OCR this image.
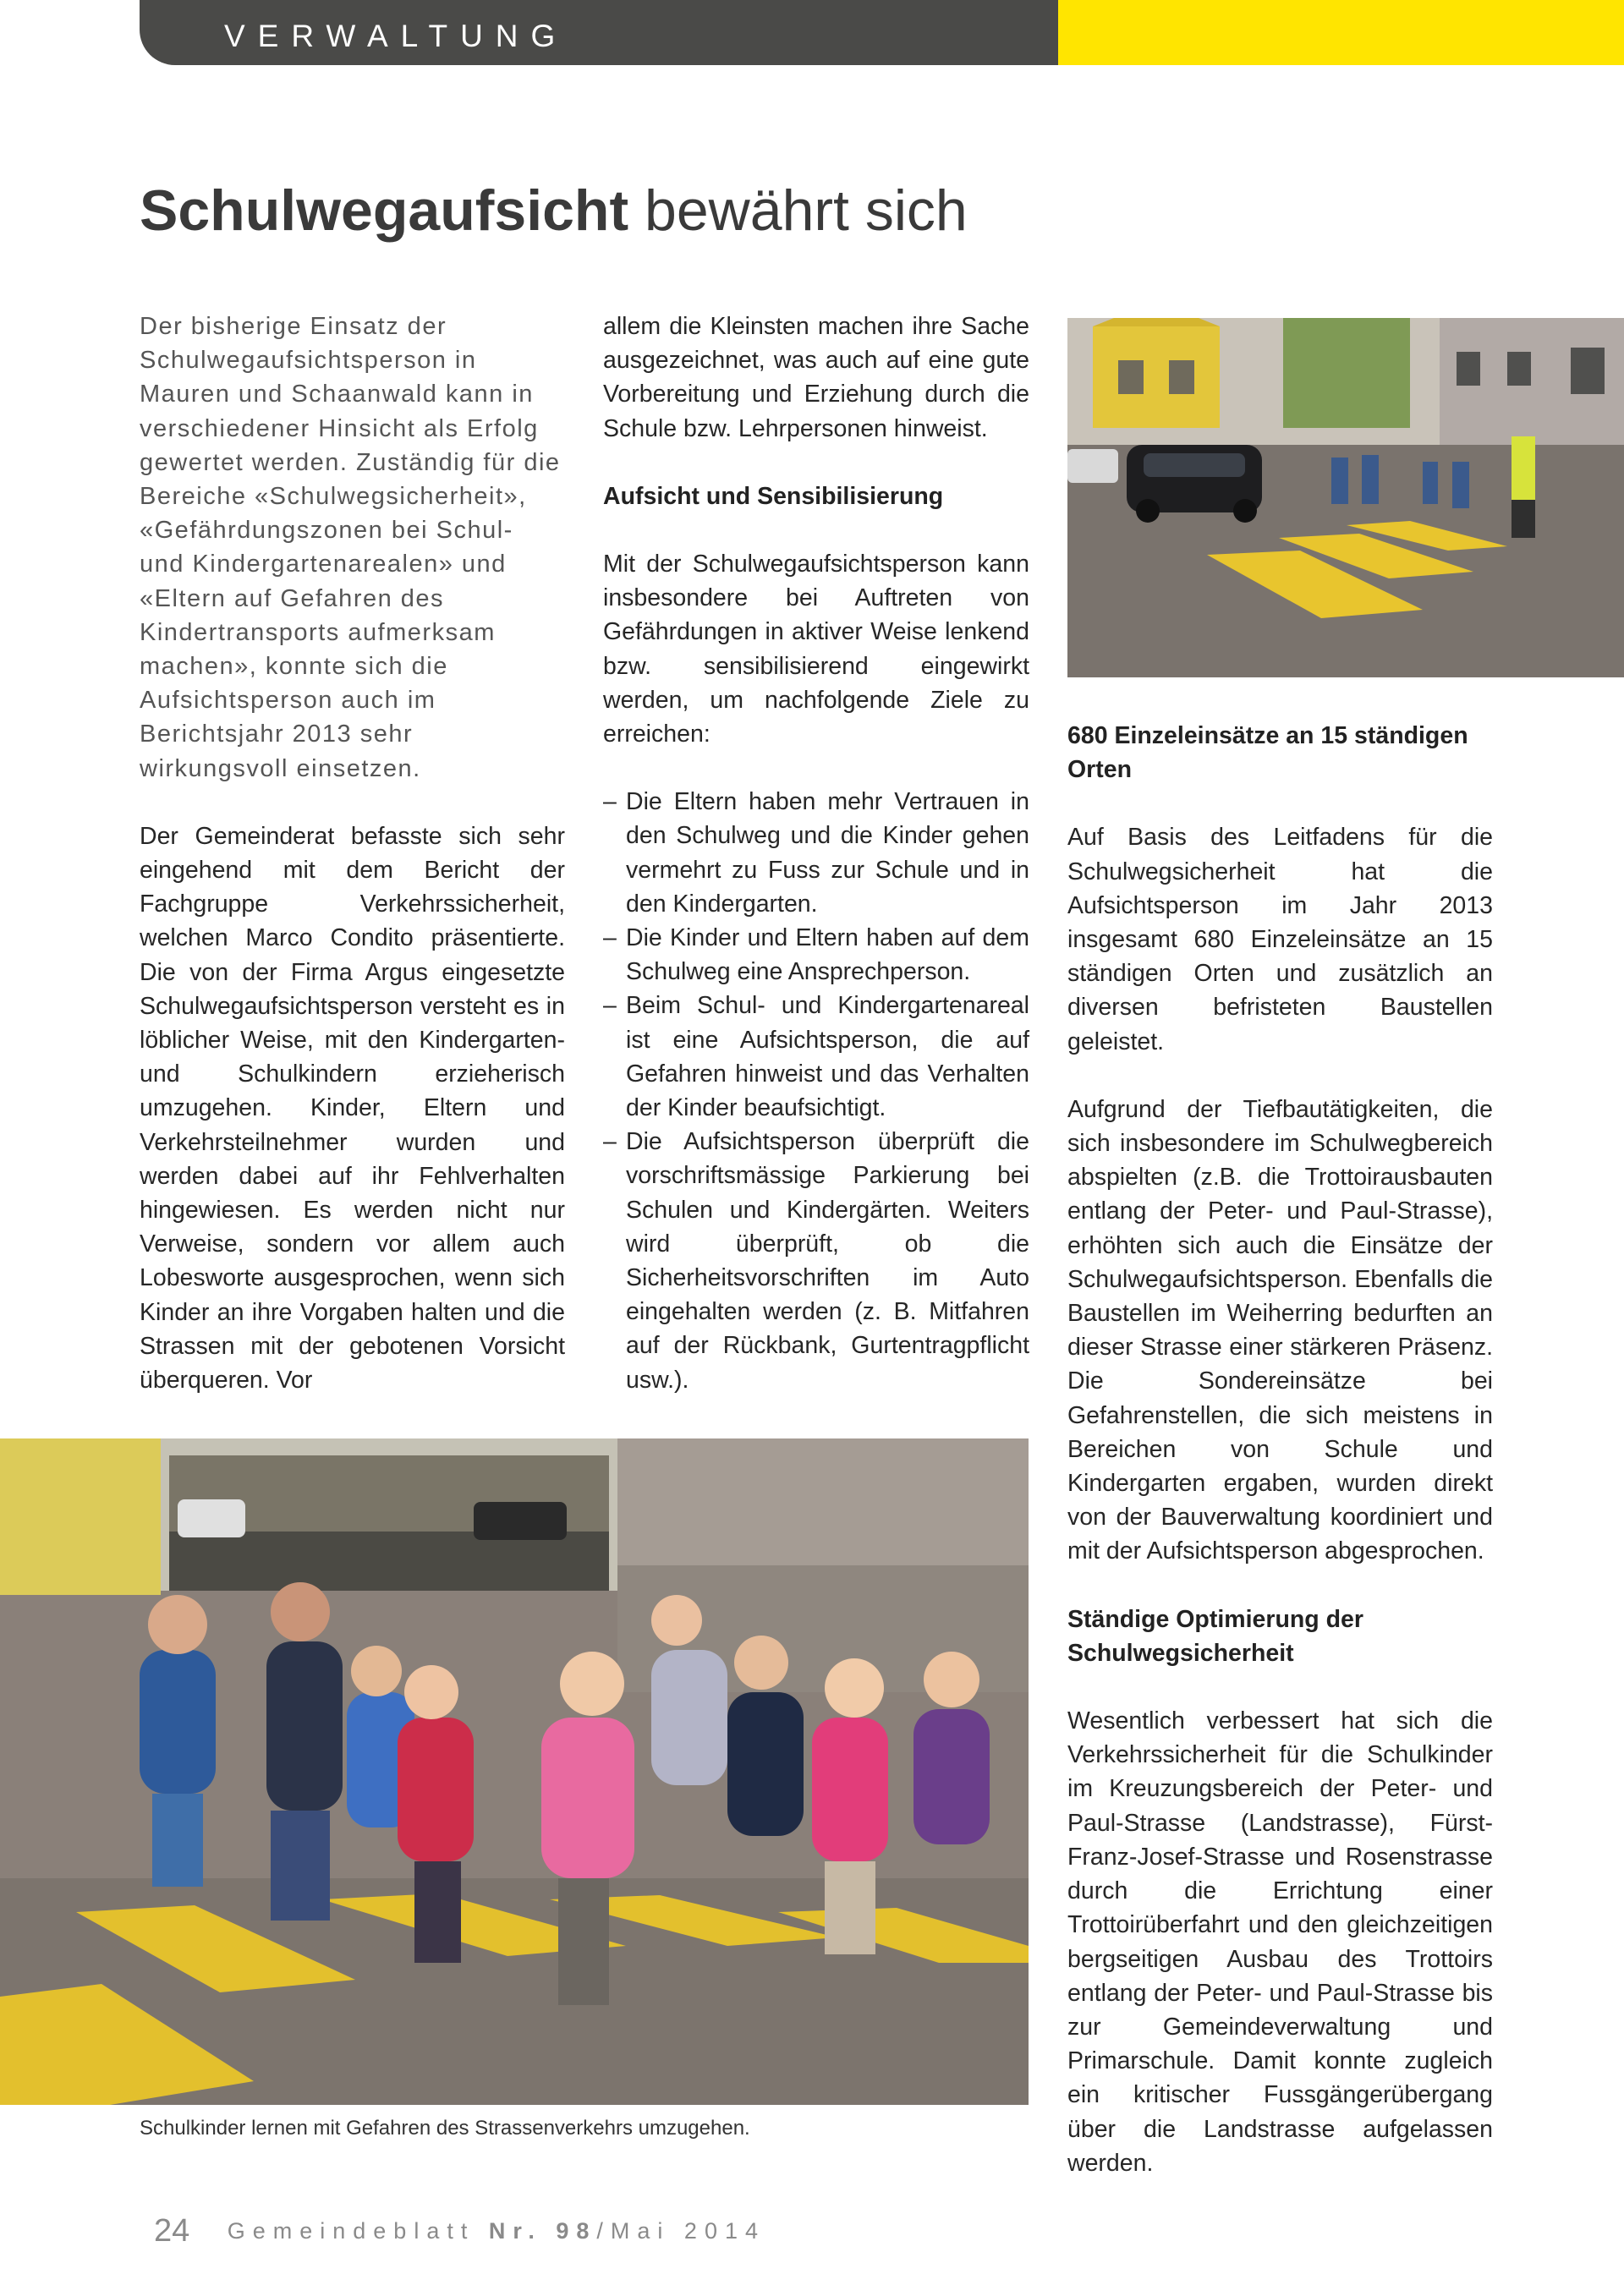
VERWALTUNG
Schulwegaufsicht bewährt sich

Der bisherige Einsatz der Schulwegaufsichtsperson in Mauren und Schaanwald kann in verschiedener Hinsicht als Erfolg gewertet werden. Zuständig für die Bereiche «Schulwegsicherheit», «Gefährdungszonen bei Schul- und Kindergartenarealen» und «Eltern auf Gefahren des Kindertransports aufmerksam machen», konnte sich die Aufsichtsperson auch im Berichtsjahr 2013 sehr wirkungsvoll einsetzen.

Der Gemeinderat befasste sich sehr eingehend mit dem Bericht der Fachgruppe Verkehrssicherheit, welchen Marco Condito präsentierte. Die von der Firma Argus eingesetzte Schulwegaufsichtsperson versteht es in löblicher Weise, mit den Kindergarten- und Schulkindern erzieherisch umzugehen. Kinder, Eltern und Verkehrsteilnehmer wurden und werden dabei auf ihr Fehlverhalten hingewiesen. Es werden nicht nur Verweise, sondern vor allem auch Lobesworte ausgesprochen, wenn sich Kinder an ihre Vorgaben halten und die Strassen mit der gebotenen Vorsicht überqueren. Vor

allem die Kleinsten machen ihre Sache ausgezeichnet, was auch auf eine gute Vorbereitung und Erziehung durch die Schule bzw. Lehrpersonen hinweist.

Aufsicht und Sensibilisierung

Mit der Schulwegaufsichtsperson kann insbesondere bei Auftreten von Gefährdungen in aktiver Weise lenkend bzw. sensibilisierend eingewirkt werden, um nachfolgende Ziele zu erreichen:

– Die Eltern haben mehr Vertrauen in den Schulweg und die Kinder gehen vermehrt zu Fuss zur Schule und in den Kindergarten.
– Die Kinder und Eltern haben auf dem Schulweg eine Ansprechperson.
– Beim Schul- und Kindergartenareal ist eine Aufsichtsperson, die auf Gefahren hinweist und das Verhalten der Kinder beaufsichtigt.
– Die Aufsichtsperson überprüft die vorschriftsmässige Parkierung bei Schulen und Kindergärten. Weiters wird überprüft, ob die Sicherheitsvorschriften im Auto eingehalten werden (z. B. Mitfahren auf der Rückbank, Gurtentragpflicht usw.).

680 Einzeleinsätze an 15 ständigen Orten

Auf Basis des Leitfadens für die Schulwegsicherheit hat die Aufsichtsperson im Jahr 2013 insgesamt 680 Einzeleinsätze an 15 ständigen Orten und zusätzlich an diversen befristeten Baustellen geleistet.

Aufgrund der Tiefbautätigkeiten, die sich insbesondere im Schulwegbereich abspielten (z.B. die Trottoirausbauten entlang der Peter- und Paul-Strasse), erhöhten sich auch die Einsätze der Schulwegaufsichtsperson. Ebenfalls die Baustellen im Weiherring bedurften an dieser Strasse einer stärkeren Präsenz. Die Sondereinsätze bei Gefahrenstellen, die sich meistens in Bereichen von Schule und Kindergarten ergaben, wurden direkt von der Bauverwaltung koordiniert und mit der Aufsichtsperson abgesprochen.

Ständige Optimierung der Schulwegsicherheit

Wesentlich verbessert hat sich die Verkehrssicherheit für die Schulkinder im Kreuzungsbereich der Peter- und Paul-Strasse (Landstrasse), Fürst-Franz-Josef-Strasse und Rosenstrasse durch die Errichtung einer Trottoirüberfahrt und den gleichzeitigen bergseitigen Ausbau des Trottoirs entlang der Peter- und Paul-Strasse bis zur Gemeindeverwaltung und Primarschule. Damit konnte zugleich ein kritischer Fussgängerübergang über die Landstrasse aufgelassen werden.

Schulkinder lernen mit Gefahren des Strassenverkehrs umzugehen.
24 Gemeindeblatt Nr. 98/Mai 2014
